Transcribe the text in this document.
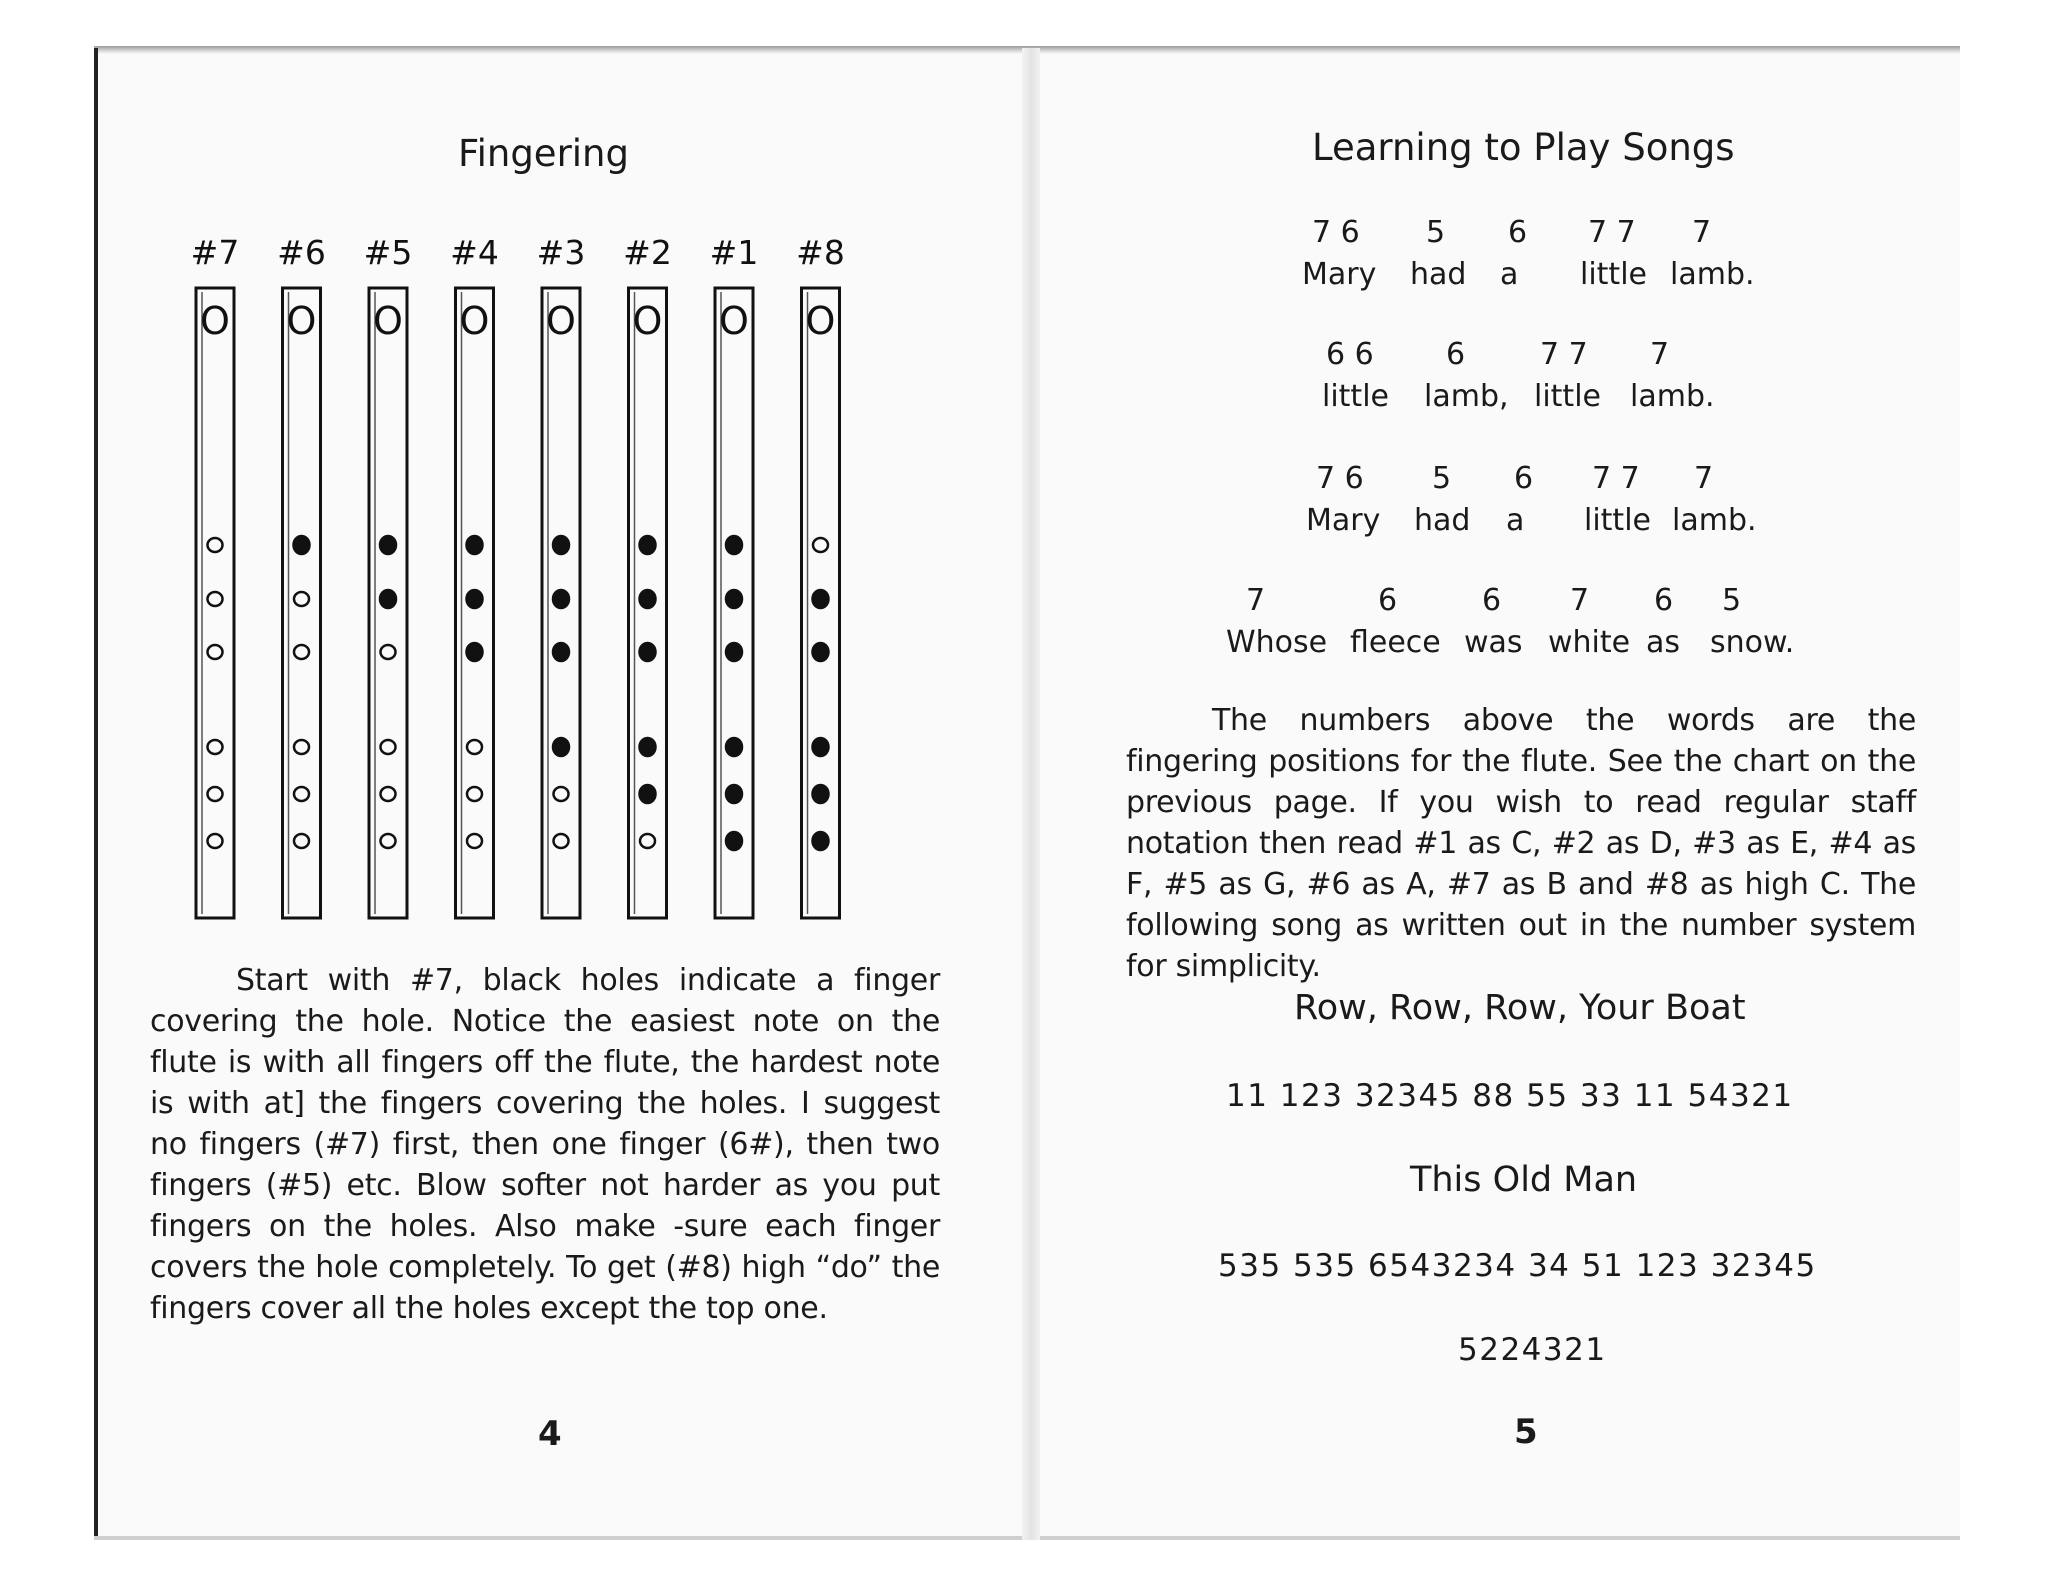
Fingering
#7
O
#6
O
#5
O
#4
O
#3
O
#2
O
#1
O
#8
O
Start with #7, black holes indicate a finger covering the hole. Notice the easiest note on the flute is with all fingers off the flute, the hardest note is with at] the fingers covering the holes. I suggest no fingers (#7) first, then one finger (6#), then two fingers (#5) etc. Blow softer not harder as you put fingers on the holes. Also make -sure each finger covers the hole completely. To get (#8) high “do” the fingers cover all the holes except the top one.
4
Learning to Play Songs
7 6
Mary
5
had
6
a
7 7
little
7
lamb.
6 6
little
6
lamb,
7 7
little
7
lamb.
7 6
Mary
5
had
6
a
7 7
little
7
lamb.
7
Whose
6
fleece
6
was
7
white
6
as
5
snow.
The numbers above the words are the fingering positions for the flute. See the chart on the previous page. If you wish to read regular staff notation then read #1 as C, #2 as D, #3 as E, #4 as F, #5 as G, #6 as A, #7 as B and #8 as high C. The following song as written out in the number system for simplicity.
Row, Row, Row, Your Boat
11 123 32345 88 55 33 11 54321
This Old Man
535 535 6543234 34 51 123 32345
5224321
5
